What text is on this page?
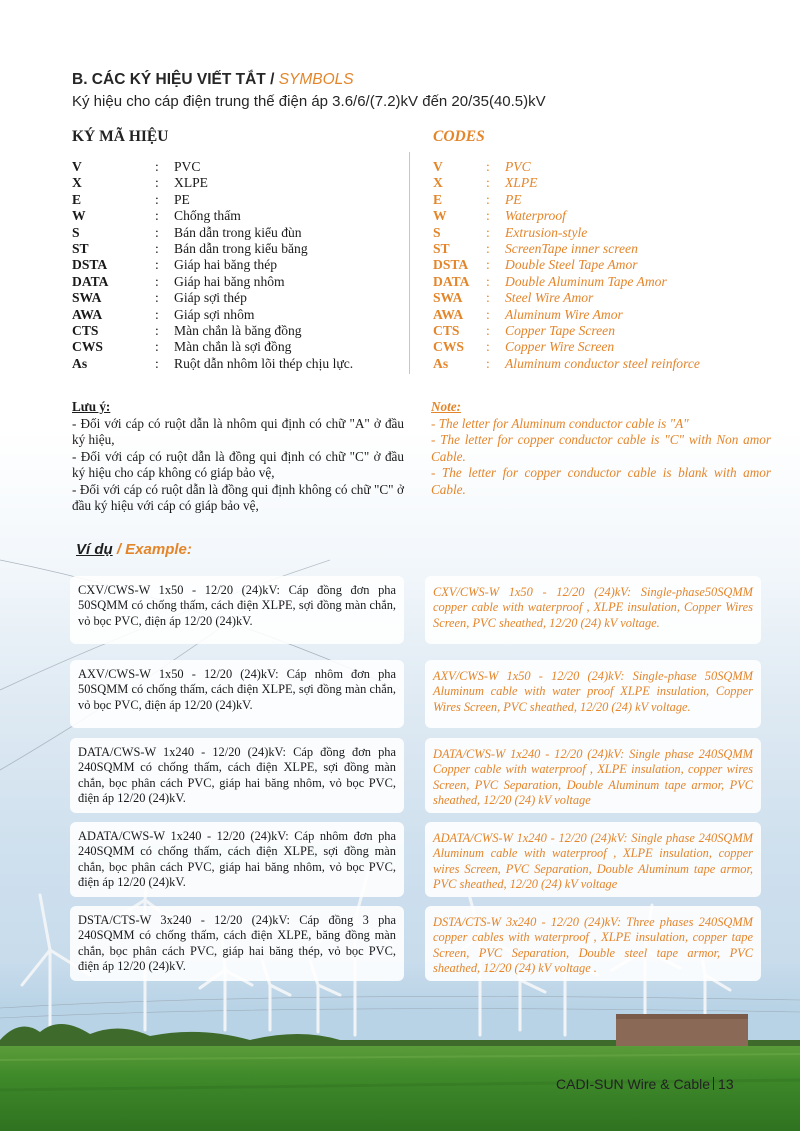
B. CÁC KÝ HIỆU VIẾT TẮT / SYMBOLS

Ký hiệu cho cáp điện trung thế điện áp 3.6/6/(7.2)kV đến 20/35(40.5)kV

KÝ MÃ HIỆU	CODES
V	:	PVC
X	:	XLPE
E	:	PE
W	:	Chống thấm
S	:	Bán dẫn trong kiểu đùn
ST	:	Bán dẫn trong kiểu băng
DSTA	:	Giáp hai băng thép
DATA	:	Giáp hai băng nhôm
SWA	:	Giáp sợi thép
AWA	:	Giáp sợi nhôm
CTS	:	Màn chắn là băng đồng
CWS	:	Màn chắn là sợi đồng
As	:	Ruột dẫn nhôm lõi thép chịu lực.
V	:	PVC
X	:	XLPE
E	:	PE
W	:	Waterproof
S	:	Extrusion-style
ST	:	ScreenTape inner screen
DSTA	:	Double Steel Tape Amor
DATA	:	Double Aluminum Tape Amor
SWA	:	Steel Wire Amor
AWA	:	Aluminum Wire Amor
CTS	:	Copper Tape Screen
CWS	:	Copper Wire Screen
As	:	Aluminum conductor steel reinforce
Lưu ý:

- Đối với cáp có ruột dẫn là nhôm qui định có chữ "A" ở đầu ký hiệu,

- Đối với cáp có ruột dẫn là đồng qui định có chữ "C" ở đầu ký hiệu cho cáp không có giáp bảo vệ,

- Đối với cáp có ruột dẫn là đồng qui định không có chữ "C" ở đầu ký hiệu với cáp có giáp bảo vệ,

Note:

- The letter for Aluminum conductor cable is "A"

- The letter for copper conductor cable is "C" with Non amor Cable.

- The letter for copper conductor cable is blank with amor Cable.

Ví dụ / Example:
CXV/CWS-W 1x50 - 12/20 (24)kV: Cáp đồng đơn pha 50SQMM có chống thấm, cách điện XLPE, sợi đồng màn chắn, vỏ bọc PVC, điện áp 12/20 (24)kV.
CXV/CWS-W 1x50 - 12/20 (24)kV: Single-phase50SQMM copper cable with waterproof , XLPE insulation, Copper Wires Screen, PVC sheathed, 12/20 (24) kV voltage.
AXV/CWS-W 1x50 - 12/20 (24)kV: Cáp nhôm đơn pha 50SQMM có chống thấm, cách điện XLPE, sợi đồng màn chắn, vỏ bọc PVC, điện áp 12/20 (24)kV.
AXV/CWS-W 1x50 - 12/20 (24)kV: Single-phase 50SQMM Aluminum cable with water proof XLPE insulation, Copper Wires Screen, PVC sheathed, 12/20 (24) kV voltage.
DATA/CWS-W 1x240 - 12/20 (24)kV: Cáp đồng đơn pha 240SQMM có chống thấm, cách điện XLPE, sợi đồng màn chắn, bọc phân cách PVC, giáp hai băng nhôm, vỏ bọc PVC, điện áp 12/20 (24)kV.
DATA/CWS-W 1x240 - 12/20 (24)kV: Single phase 240SQMM Copper cable with waterproof , XLPE insulation, copper wires Screen, PVC Separation, Double Aluminum tape armor, PVC sheathed, 12/20 (24) kV voltage
ADATA/CWS-W 1x240 - 12/20 (24)kV: Cáp nhôm đơn pha 240SQMM có chống thấm, cách điện XLPE, sợi đồng màn chắn, bọc phân cách PVC, giáp hai băng nhôm, vỏ bọc PVC, điện áp 12/20 (24)kV.
ADATA/CWS-W 1x240 - 12/20 (24)kV: Single phase 240SQMM Aluminum cable with waterproof , XLPE insulation, copper wires Screen, PVC Separation, Double Aluminum tape armor, PVC sheathed, 12/20 (24) kV voltage
DSTA/CTS-W 3x240 - 12/20 (24)kV: Cáp đồng 3 pha 240SQMM có chống thấm, cách điện XLPE, băng đồng màn chắn, bọc phân cách PVC, giáp hai băng thép, vỏ bọc PVC, điện áp 12/20 (24)kV.
DSTA/CTS-W 3x240 - 12/20 (24)kV: Three phases 240SQMM copper cables with waterproof , XLPE insulation, copper tape Screen, PVC Separation, Double steel tape armor, PVC sheathed, 12/20 (24) kV voltage .

CADI-SUN Wire & Cable 13
